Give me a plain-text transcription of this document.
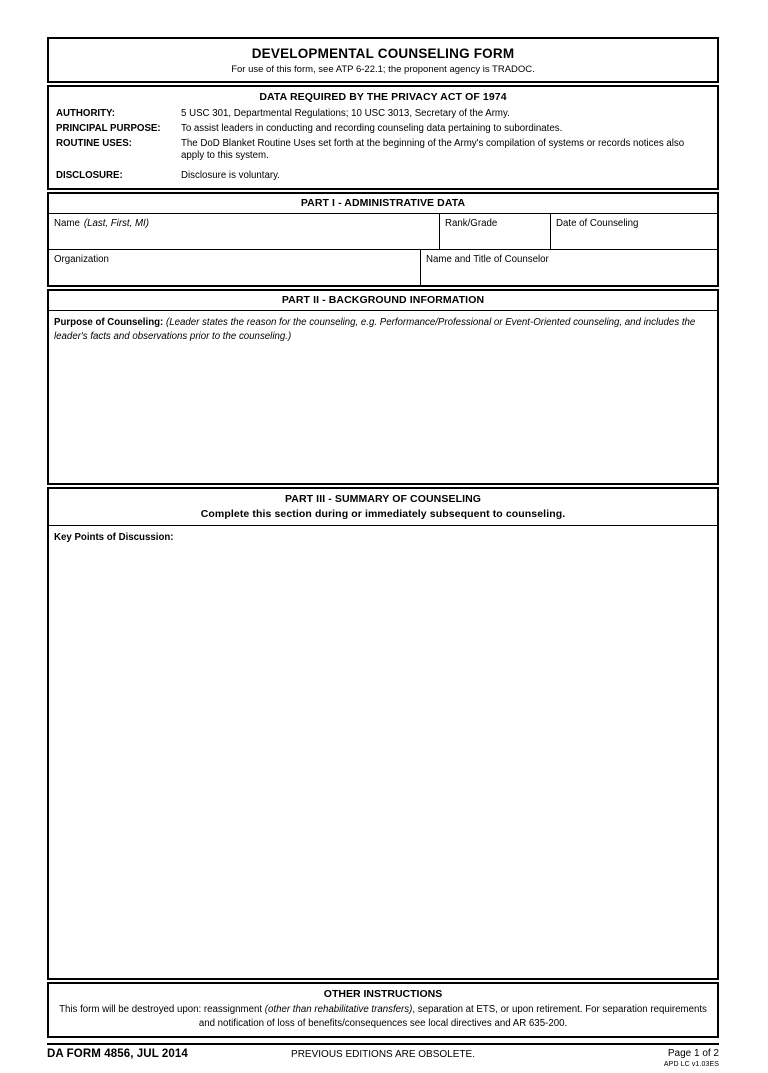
DEVELOPMENTAL COUNSELING FORM
For use of this form, see ATP 6-22.1; the proponent agency is TRADOC.
DATA REQUIRED BY THE PRIVACY ACT OF 1974
AUTHORITY:	5 USC 301, Departmental Regulations; 10 USC 3013, Secretary of the Army.
PRINCIPAL PURPOSE:	To assist leaders in conducting and recording counseling data pertaining to subordinates.
ROUTINE USES:	The DoD Blanket Routine Uses set forth at the beginning of the Army's compilation of systems or records notices also apply to this system.
DISCLOSURE:	Disclosure is voluntary.
PART I - ADMINISTRATIVE DATA
Name (Last, First, MI)	Rank/Grade	Date of Counseling
Organization	Name and Title of Counselor
PART II - BACKGROUND INFORMATION
Purpose of Counseling: (Leader states the reason for the counseling, e.g. Performance/Professional or Event-Oriented counseling, and includes the leader's facts and observations prior to the counseling.)
PART III - SUMMARY OF COUNSELING
Complete this section during or immediately subsequent to counseling.
Key Points of Discussion:
OTHER INSTRUCTIONS
This form will be destroyed upon: reassignment (other than rehabilitative transfers), separation at ETS, or upon retirement. For separation requirements and notification of loss of benefits/consequences see local directives and AR 635-200.
DA FORM 4856, JUL 2014	PREVIOUS EDITIONS ARE OBSOLETE.	Page 1 of 2
APD LC v1.03ES
